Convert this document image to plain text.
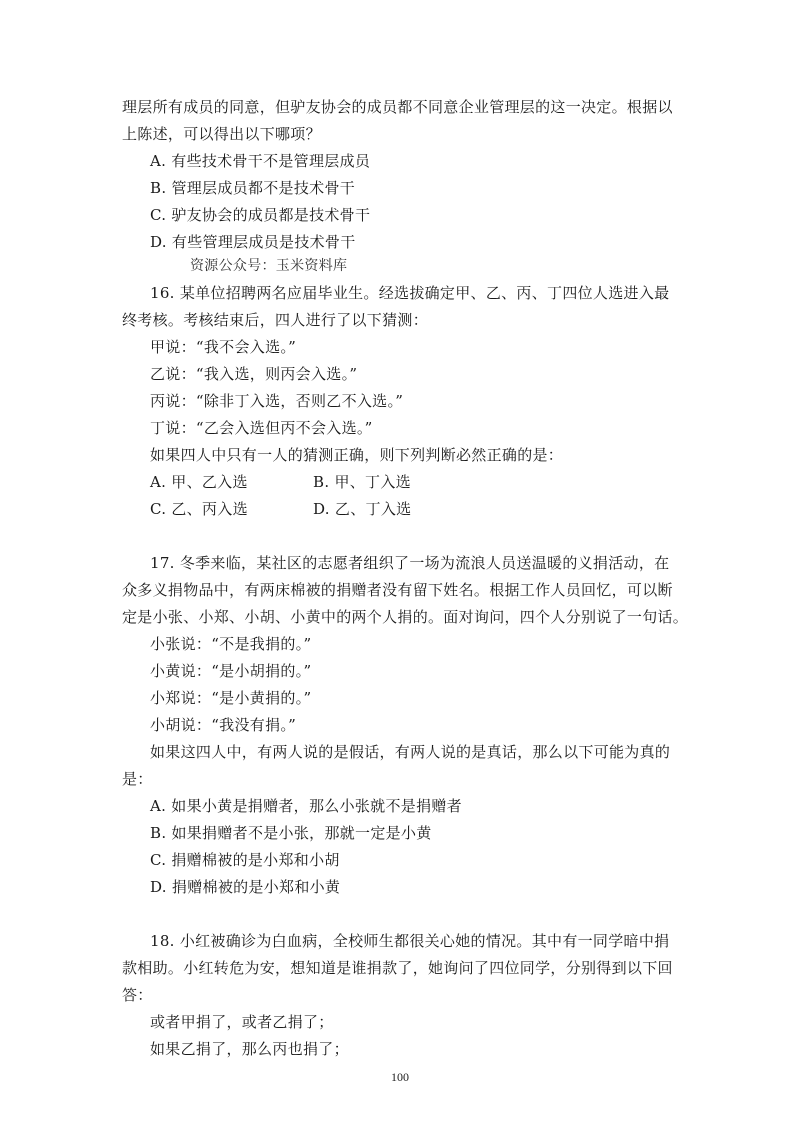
理层所有成员的同意，但驴友协会的成员都不同意企业管理层的这一决定。根据以
上陈述，可以得出以下哪项？
A. 有些技术骨干不是管理层成员
B. 管理层成员都不是技术骨干
C. 驴友协会的成员都是技术骨干
D. 有些管理层成员是技术骨干
资源公众号：玉米资料库
16. 某单位招聘两名应届毕业生。经选拔确定甲、乙、丙、丁四位人选进入最
终考核。考核结束后，四人进行了以下猜测：
甲说：“我不会入选。”
乙说：“我入选，则丙会入选。”
丙说：“除非丁入选，否则乙不入选。”
丁说：“乙会入选但丙不会入选。”
如果四人中只有一人的猜测正确，则下列判断必然正确的是：
A. 甲、乙入选	B. 甲、丁入选
C. 乙、丙入选	D. 乙、丁入选
17. 冬季来临，某社区的志愿者组织了一场为流浪人员送温暖的义捐活动，在
众多义捐物品中，有两床棉被的捐赠者没有留下姓名。根据工作人员回忆，可以断
定是小张、小郑、小胡、小黄中的两个人捐的。面对询问，四个人分别说了一句话。
小张说：“不是我捐的。”
小黄说：“是小胡捐的。”
小郑说：“是小黄捐的。”
小胡说：“我没有捐。”
如果这四人中，有两人说的是假话，有两人说的是真话，那么以下可能为真的
是：
A. 如果小黄是捐赠者，那么小张就不是捐赠者
B. 如果捐赠者不是小张，那就一定是小黄
C. 捐赠棉被的是小郑和小胡
D. 捐赠棉被的是小郑和小黄
18. 小红被确诊为白血病，全校师生都很关心她的情况。其中有一同学暗中捐
款相助。小红转危为安，想知道是谁捐款了，她询问了四位同学，分别得到以下回
答：
或者甲捐了，或者乙捐了；
如果乙捐了，那么丙也捐了；
100
